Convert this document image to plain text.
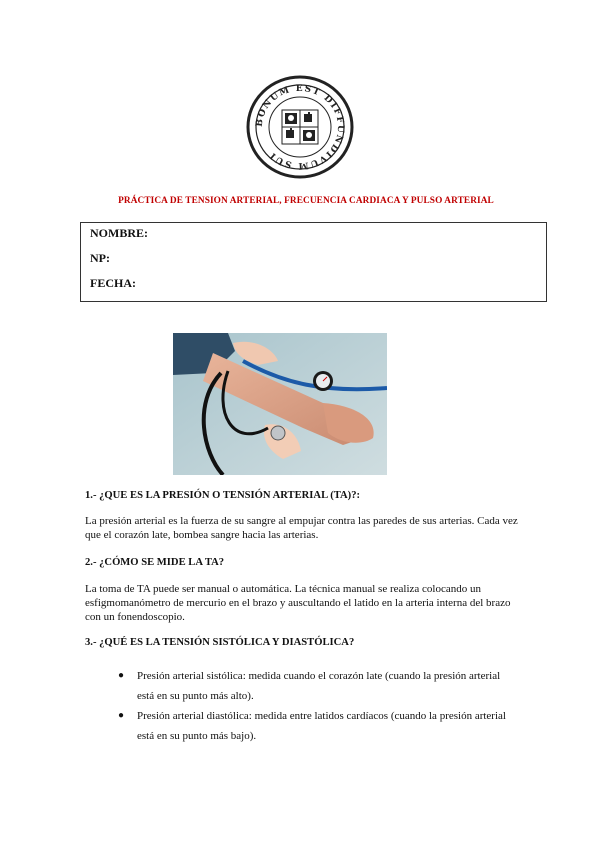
BONUM EST DIFFUNDIVUM SUI
PRÁCTICA DE TENSION ARTERIAL, FRECUENCIA CARDIACA Y PULSO ARTERIAL
NOMBRE:
NP:
FECHA:
1.- ¿QUE ES LA PRESIÓN O TENSIÓN ARTERIAL (TA)?:
La presión arterial es la fuerza de su sangre al empujar contra las paredes de sus arterias. Cada vez que el corazón late, bombea sangre hacia las arterias.
2.- ¿CÓMO SE MIDE LA TA?
La toma de TA puede ser manual o automática. La técnica manual se realiza colocando un esfigmomanómetro de mercurio en el brazo y auscultando el latido en la arteria interna del brazo con un fonendoscopio.
3.- ¿QUÉ ES LA TENSIÓN SISTÓLICA Y DIASTÓLICA?
● Presión arterial sistólica: medida cuando el corazón late (cuando la presión arterial está en su punto más alto).
● Presión arterial diastólica: medida entre latidos cardíacos (cuando la presión arterial está en su punto más bajo).
